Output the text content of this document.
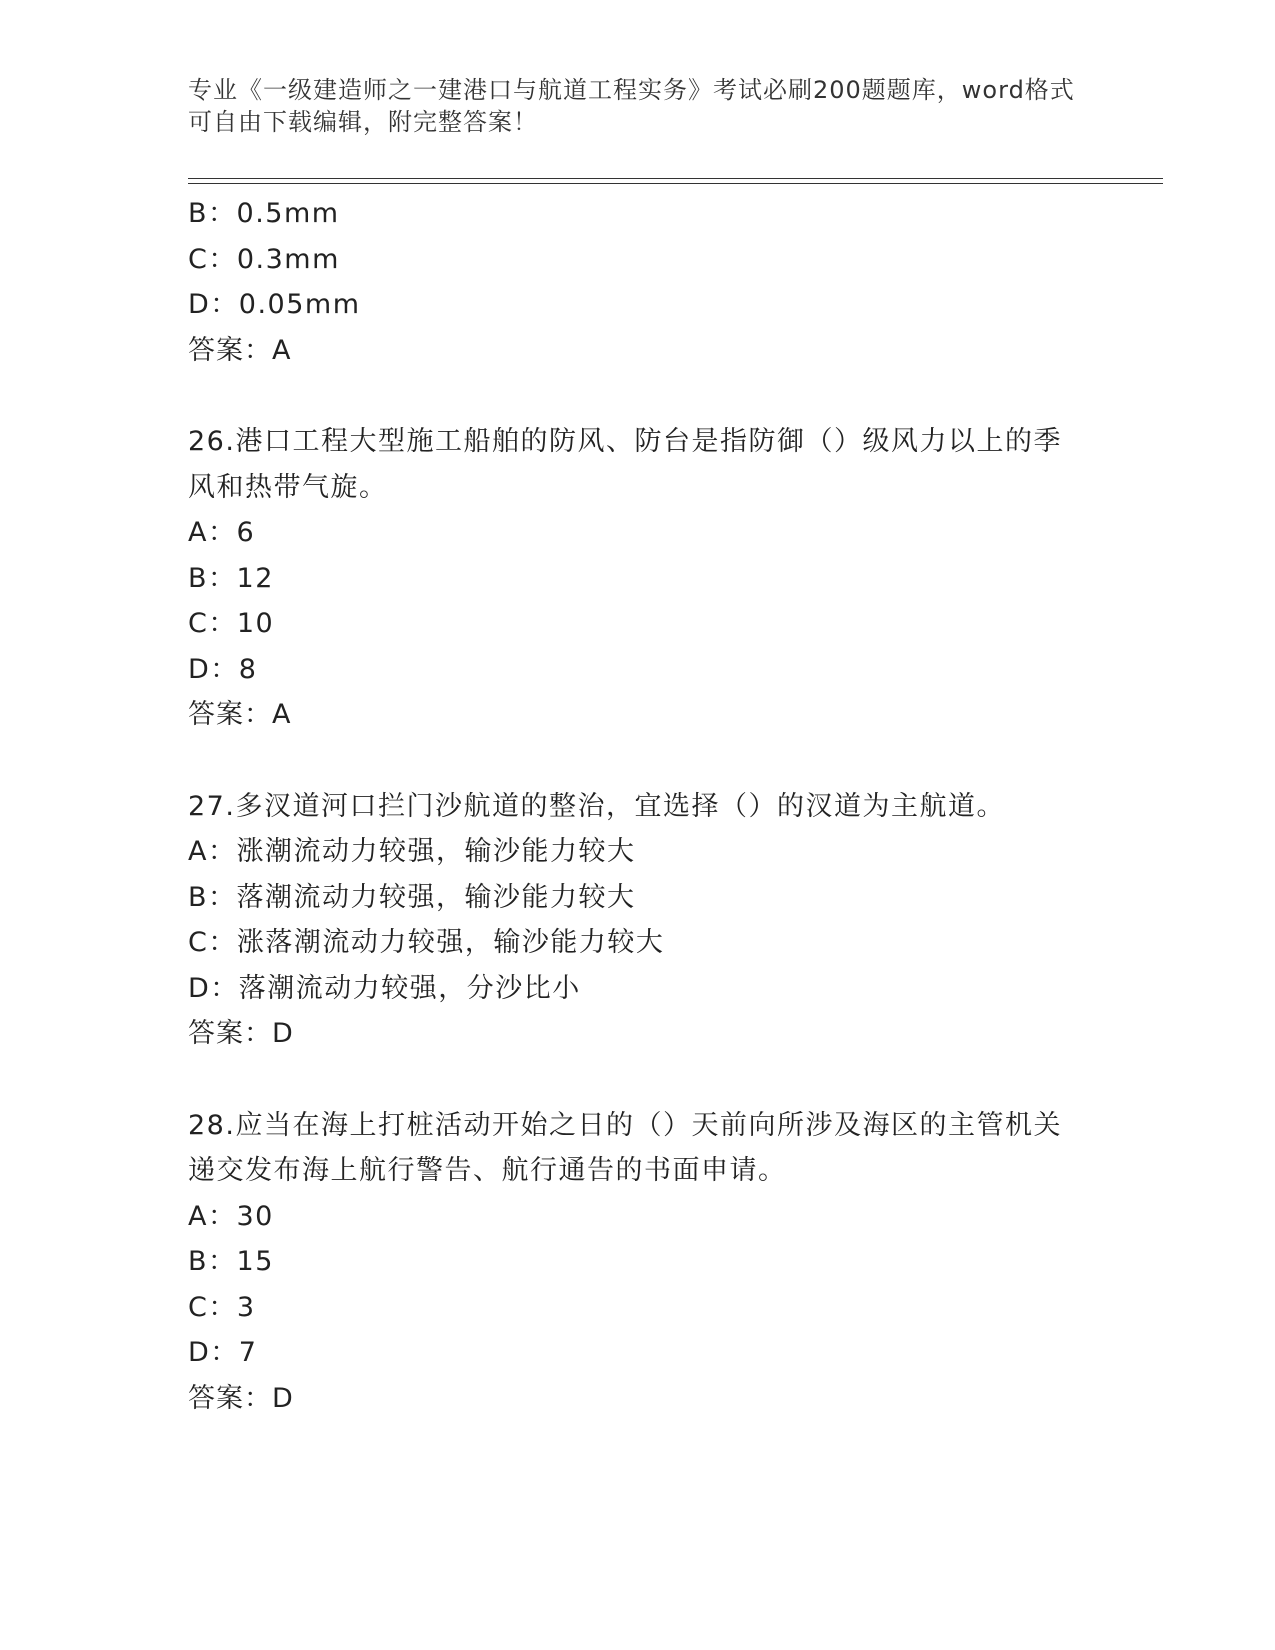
专业《一级建造师之一建港口与航道工程实务》考试必刷200题题库，word格式
可自由下载编辑，附完整答案！
B：0.5mm
C：0.3mm
D：0.05mm
答案：A
26.港口工程大型施工船舶的防风、防台是指防御（）级风力以上的季
风和热带气旋。
A：6
B：12
C：10
D：8
答案：A
27.多汊道河口拦门沙航道的整治，宜选择（）的汊道为主航道。
A：涨潮流动力较强，输沙能力较大
B：落潮流动力较强，输沙能力较大
C：涨落潮流动力较强，输沙能力较大
D：落潮流动力较强，分沙比小
答案：D
28.应当在海上打桩活动开始之日的（）天前向所涉及海区的主管机关
递交发布海上航行警告、航行通告的书面申请。
A：30
B：15
C：3
D：7
答案：D
